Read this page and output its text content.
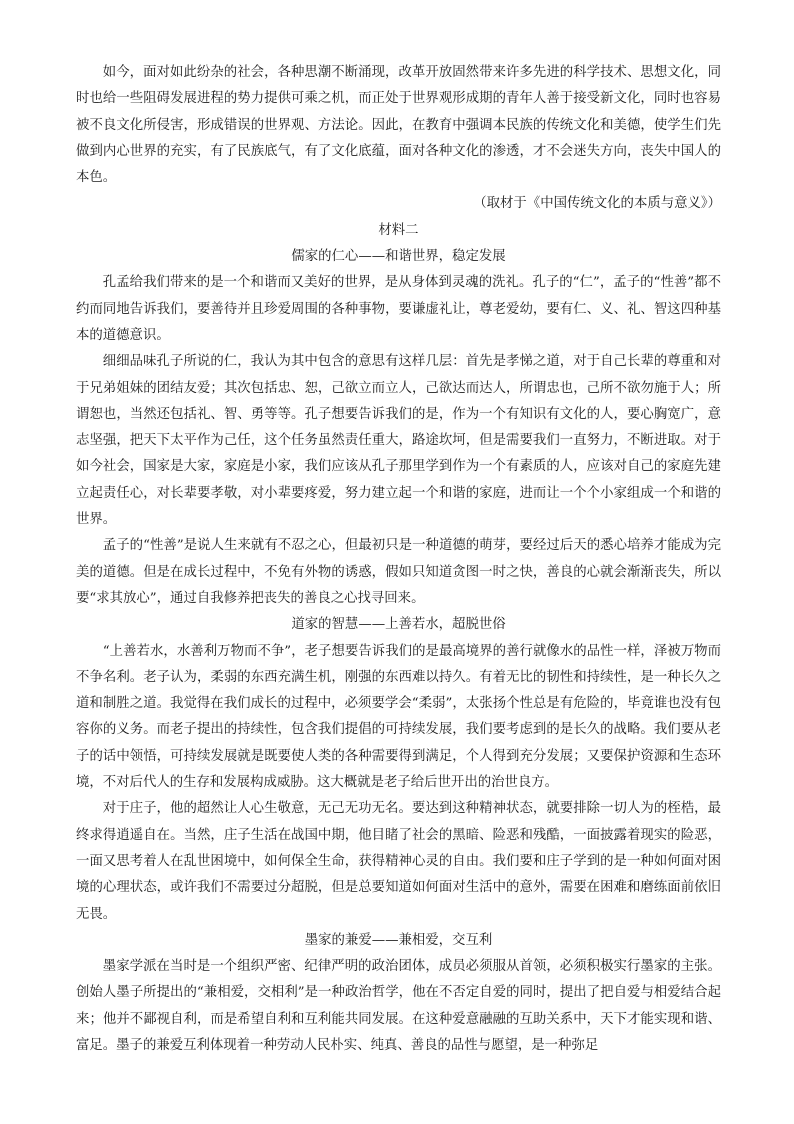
如今，面对如此纷杂的社会，各种思潮不断涌现，改革开放固然带来许多先进的科学技术、思想文化，同时也给一些阻碍发展进程的势力提供可乘之机，而正处于世界观形成期的青年人善于接受新文化，同时也容易被不良文化所侵害，形成错误的世界观、方法论。因此，在教育中强调本民族的传统文化和美德，使学生们先做到内心世界的充实，有了民族底气，有了文化底蕴，面对各种文化的渗透，才不会迷失方向，丧失中国人的本色。

（取材于《中国传统文化的本质与意义》）

材料二

儒家的仁心——和谐世界，稳定发展

孔孟给我们带来的是一个和谐而又美好的世界，是从身体到灵魂的洗礼。孔子的“仁”，孟子的“性善”都不约而同地告诉我们，要善待并且珍爱周围的各种事物，要谦虚礼让，尊老爱幼，要有仁、义、礼、智这四种基本的道德意识。

细细品味孔子所说的仁，我认为其中包含的意思有这样几层：首先是孝悌之道，对于自己长辈的尊重和对于兄弟姐妹的团结友爱；其次包括忠、恕，己欲立而立人，己欲达而达人，所谓忠也，己所不欲勿施于人；所谓恕也，当然还包括礼、智、勇等等。孔子想要告诉我们的是，作为一个有知识有文化的人，要心胸宽广，意志坚强，把天下太平作为己任，这个任务虽然责任重大，路途坎坷，但是需要我们一直努力，不断进取。对于如今社会，国家是大家，家庭是小家，我们应该从孔子那里学到作为一个有素质的人，应该对自己的家庭先建立起责任心，对长辈要孝敬，对小辈要疼爱，努力建立起一个和谐的家庭，进而让一个个小家组成一个和谐的世界。

孟子的“性善”是说人生来就有不忍之心，但最初只是一种道德的萌芽，要经过后天的悉心培养才能成为完美的道德。但是在成长过程中，不免有外物的诱惑，假如只知道贪图一时之快，善良的心就会渐渐丧失，所以要“求其放心”，通过自我修养把丧失的善良之心找寻回来。

道家的智慧——上善若水，超脱世俗

“上善若水，水善利万物而不争”，老子想要告诉我们的是最高境界的善行就像水的品性一样，泽被万物而不争名利。老子认为，柔弱的东西充满生机，刚强的东西难以持久。有着无比的韧性和持续性，是一种长久之道和制胜之道。我觉得在我们成长的过程中，必须要学会“柔弱”，太张扬个性总是有危险的，毕竟谁也没有包容你的义务。而老子提出的持续性，包含我们提倡的可持续发展，我们要考虑到的是长久的战略。我们要从老子的话中领悟，可持续发展就是既要使人类的各种需要得到满足，个人得到充分发展；又要保护资源和生态环境，不对后代人的生存和发展构成威胁。这大概就是老子给后世开出的治世良方。

对于庄子，他的超然让人心生敬意，无己无功无名。要达到这种精神状态，就要排除一切人为的桎梏，最终求得逍遥自在。当然，庄子生活在战国中期，他目睹了社会的黑暗、险恶和残酷，一面披露着现实的险恶，一面又思考着人在乱世困境中，如何保全生命，获得精神心灵的自由。我们要和庄子学到的是一种如何面对困境的心理状态，或许我们不需要过分超脱，但是总要知道如何面对生活中的意外，需要在困难和磨练面前依旧无畏。

墨家的兼爱——兼相爱，交互利

墨家学派在当时是一个组织严密、纪律严明的政治团体，成员必须服从首领，必须积极实行墨家的主张。创始人墨子所提出的“兼相爱，交相利”是一种政治哲学，他在不否定自爱的同时，提出了把自爱与相爱结合起来；他并不鄙视自利，而是希望自利和互利能共同发展。在这种爱意融融的互助关系中，天下才能实现和谐、富足。墨子的兼爱互利体现着一种劳动人民朴实、纯真、善良的品性与愿望，是一种弥足
